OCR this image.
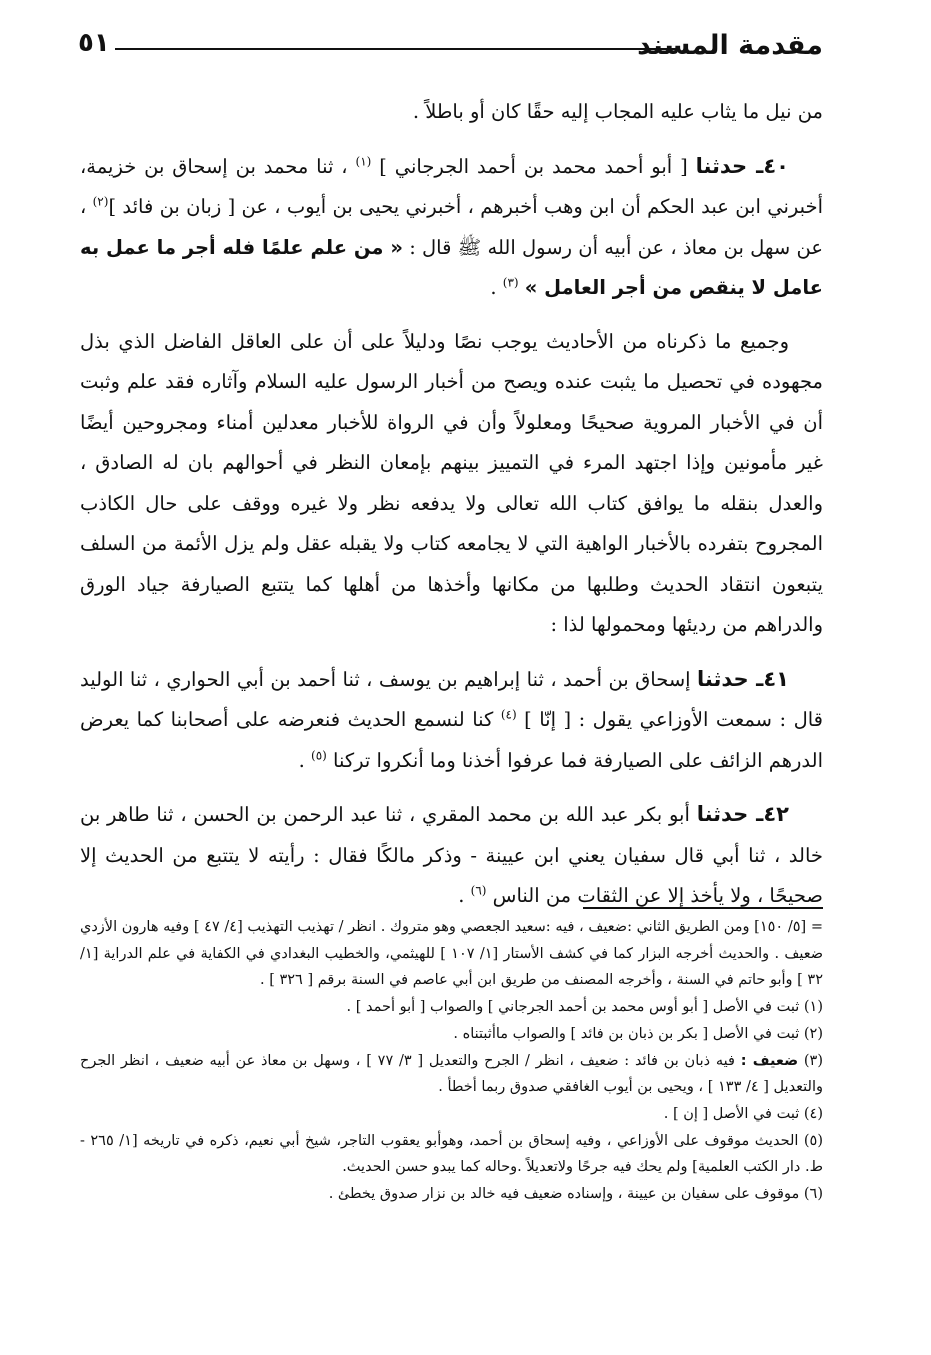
مقدمة المسند
٥١

من نيل ما يثاب عليه المجاب إليه حقًا كان أو باطلاً .

٤٠ـ حدثنا [ أبو أحمد محمد بن أحمد الجرجاني ] $^{(١)}$ ، ثنا محمد بن إسحاق بن خزيمة، أخبرني ابن عبد الحكم أن ابن وهب أخبرهم ، أخبرني يحيى بن أيوب ، عن [ زبان بن فائد ]$^{(٢)}$ ، عن سهل بن معاذ ، عن أبيه أن رسول الله ﷺ قال : « من علم علمًا فله أجر ما عمل به عامل لا ينقص من أجر العامل » $^{(٣)}$ .

وجميع ما ذكرناه من الأحاديث يوجب نصًا ودليلاً على أن على العاقل الفاضل الذي بذل مجهوده في تحصيل ما يثبت عنده ويصح من أخبار الرسول عليه السلام وآثاره فقد علم وثبت أن في الأخبار المروية صحيحًا ومعلولاً وأن في الرواة للأخبار معدلين أمناء ومجروحين أيضًا غير مأمونين وإذا اجتهد المرء في التمييز بينهم بإمعان النظر في أحوالهم بان له الصادق ، والعدل بنقله ما يوافق كتاب الله تعالى ولا يدفعه نظر ولا غيره ووقف على حال الكاذب المجروح بتفرده بالأخبار الواهية التي لا يجامعه كتاب ولا يقبله عقل ولم يزل الأئمة من السلف يتبعون انتقاد الحديث وطلبها من مكانها وأخذها من أهلها كما يتتبع الصيارفة جياد الورق والدراهم من رديئها ومحمولها لذا :

٤١ـ حدثنا إسحاق بن أحمد ، ثنا إبراهيم بن يوسف ، ثنا أحمد بن أبي الحواري ، ثنا الوليد قال : سمعت الأوزاعي يقول : [ إنّا ] $^{(٤)}$ كنا لنسمع الحديث فنعرضه على أصحابنا كما يعرض الدرهم الزائف على الصيارفة فما عرفوا أخذنا وما أنكروا تركنا $^{(٥)}$ .

٤٢ـ حدثنا أبو بكر عبد الله بن محمد المقري ، ثنا عبد الرحمن بن الحسن ، ثنا طاهر بن خالد ، ثنا أبي قال سفيان يعني ابن عيينة - وذكر مالكًا فقال : رأيته لا يتتبع من الحديث إلا صحيحًا ، ولا يأخذ إلا عن الثقات من الناس $^{(٦)}$ .

= [٥/ ١٥٠] ومن الطريق الثاني :ضعيف ، فيه :سعيد الجعصي وهو متروك . انظر / تهذيب التهذيب [٤/ ٤٧ ] وفيه هارون الأزدي ضعيف . والحديث أخرجه البزار كما في كشف الأستار [١/ ١٠٧ ] للهيثمي، والخطيب البغدادي في الكفاية في علم الدراية [١/ ٣٢ ] وأبو حاتم في السنة ، وأخرجه المصنف من طريق ابن أبي عاصم في السنة برقم [ ٣٢٦ ] .

(١) ثبت في الأصل [ أبو أوس محمد بن أحمد الجرجاني ] والصواب [ أبو أحمد ] .

(٢) ثبت في الأصل [ بكر بن ذبان بن فائد ] والصواب ماأثبتناه .

(٣) ضعيف : فيه ذبان بن فائد : ضعيف ، انظر / الجرح والتعديل [ ٣/ ٧٧ ] ، وسهل بن معاذ عن أبيه ضعيف ، انظر الجرح والتعديل [ ٤/ ١٣٣ ] ، ويحيى بن أيوب الغافقي صدوق ربما أخطأ .

(٤) ثبت في الأصل [ إن ] .

(٥) الحديث موقوف على الأوزاعي ، وفيه إسحاق بن أحمد، وهوأبو يعقوب التاجر، شيخ أبي نعيم، ذكره في تاريخه [١/ ٢٦٥ - ط. دار الكتب العلمية] ولم يحك فيه جرحًا ولاتعديلاً .وحاله كما يبدو حسن الحديث.

(٦) موقوف على سفيان بن عيينة ، وإسناده ضعيف فيه خالد بن نزار صدوق يخطئ .
